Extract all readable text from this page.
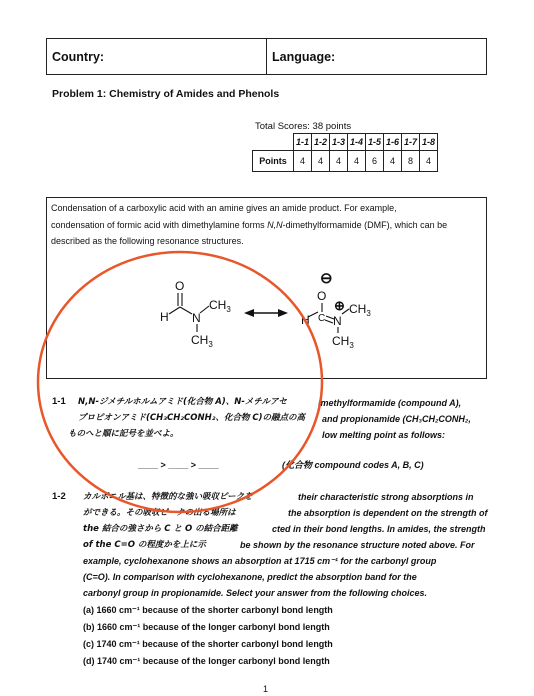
Country:	Language:
Problem 1: Chemistry of Amides and Phenols
Total Scores: 38 points
	1-1	1-2	1-3	1-4	1-5	1-6	1-7	1-8
Points	4	4	4	4	6	4	8	4
Condensation of a carboxylic acid with an amine gives an amide product. For example,
condensation of formic acid with dimethylamine forms N,N-dimethylformamide (DMF), which can be
described as the following resonance structures.
O
H N
$CH_3$
$CH_3$
⊖
O
C
H N
⊕ $CH_3$
$CH_3$
1-1 N,N-ジメチルホルムアミド(化合物 A)、N-メチルアセ	imethylformamide (compound A),
プロピオンアミド(CH₃CH₂CONH₂、化合物 C)の融点の高 and propionamide (CH₃CH₂CONH₂,
ものへと順に記号を並べよ。	low melting point as follows:
____ > ____ > ____	(化合物 compound codes A, B, C)
1-2 カルボニル基は、特徴的な強い吸収ピークを	their characteristic strong absorptions in
ができる。その吸収ピークの出る場所は	the absorption is dependent on the strength of
the 結合の強さから C と O の結合距離	cted in their bond lengths. In amides, the strength
of the C=O の程度かを上に示	be shown by the resonance structure noted above. For
example, cyclohexanone shows an absorption at 1715 cm⁻¹ for the carbonyl group
(C=O). In comparison with cyclohexanone, predict the absorption band for the
carbonyl group in propionamide. Select your answer from the following choices.
(a) 1660 cm⁻¹ because of the shorter carbonyl bond length
(b) 1660 cm⁻¹ because of the longer carbonyl bond length
(c) 1740 cm⁻¹ because of the shorter carbonyl bond length
(d) 1740 cm⁻¹ because of the longer carbonyl bond length
1
